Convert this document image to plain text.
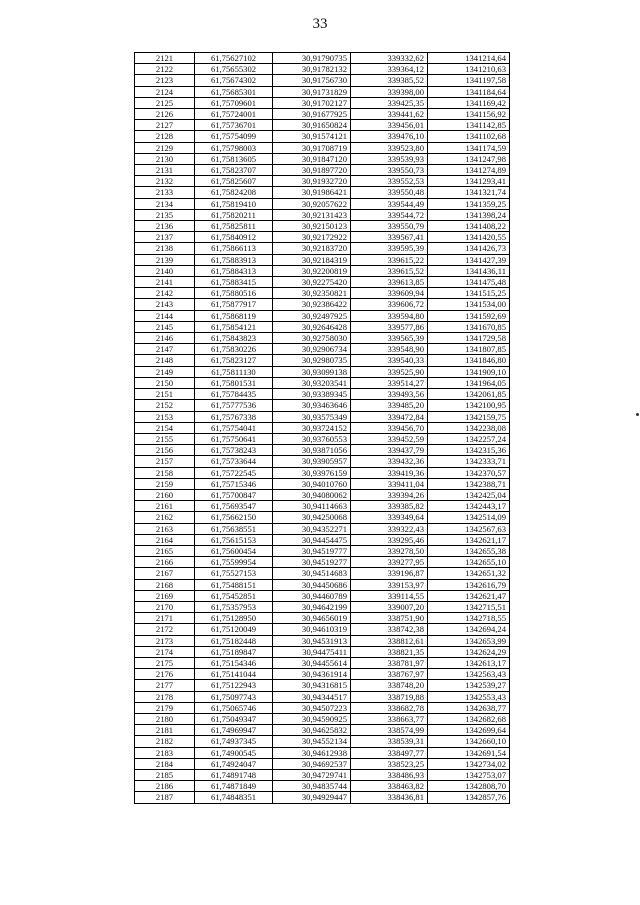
33
2121	61,75627102	30,91790735	339332,62	1341214,64
2122	61,75655302	30,91782132	339364,12	1341210,63
2123	61,75674302	30,91756730	339385,52	1341197,58
2124	61,75685301	30,91731829	339398,00	1341184,64
2125	61,75709601	30,91702127	339425,35	1341169,42
2126	61,75724001	30,91677925	339441,62	1341156,92
2127	61,75736701	30,91650824	339456,01	1341142,85
2128	61,75754099	30,91574121	339476,10	1341102,68
2129	61,75798003	30,91708719	339523,80	1341174,59
2130	61,75813605	30,91847120	339539,93	1341247,98
2131	61,75823707	30,91897720	339550,73	1341274,89
2132	61,75825607	30,91932720	339552,53	1341293,41
2133	61,75824208	30,91986421	339550,48	1341321,74
2134	61,75819410	30,92057622	339544,49	1341359,25
2135	61,75820211	30,92131423	339544,72	1341398,24
2136	61,75825811	30,92150123	339550,79	1341408,22
2137	61,75840912	30,92172922	339567,41	1341420,55
2138	61,75866113	30,92183720	339595,39	1341426,73
2139	61,75883913	30,92184319	339615,22	1341427,39
2140	61,75884313	30,92200819	339615,52	1341436,11
2141	61,75883415	30,92275420	339613,85	1341475,48
2142	61,75880516	30,92350821	339609,94	1341515,25
2143	61,75877917	30,92386422	339606,72	1341534,00
2144	61,75868119	30,92497925	339594,80	1341592,69
2145	61,75854121	30,92646428	339577,86	1341670,85
2146	61,75843823	30,92758030	339565,39	1341729,58
2147	61,75830226	30,92906734	339548,90	1341807,85
2148	61,75823127	30,92980735	339540,33	1341846,80
2149	61,75811130	30,93099138	339525,90	1341909,10
2150	61,75801531	30,93203541	339514,27	1341964,05
2151	61,75784435	30,93389345	339493,56	1342061,85
2152	61,75777536	30,93463646	339485,20	1342100,95
2153	61,75767338	30,93575349	339472,84	1342159,75
2154	61,75754041	30,93724152	339456,70	1342238,08
2155	61,75750641	30,93760553	339452,59	1342257,24
2156	61,75738243	30,93871056	339437,79	1342315,36
2157	61,75733644	30,93905957	339432,36	1342333,71
2158	61,75722545	30,93976159	339419,36	1342370,57
2159	61,75715346	30,94010760	339411,04	1342388,71
2160	61,75700847	30,94080062	339394,26	1342425,04
2161	61,75693547	30,94114663	339385,82	1342443,17
2162	61,75662150	30,94250068	339349,64	1342514,09
2163	61,75638551	30,94352271	339322,43	1342567,63
2164	61,75615153	30,94454475	339295,46	1342621,17
2165	61,75600454	30,94519777	339278,50	1342655,38
2166	61,75599954	30,94519277	339277,95	1342655,10
2167	61,75527153	30,94514683	339196,87	1342651,32
2168	61,75488151	30,94450686	339153,97	1342616,79
2169	61,75452851	30,94460789	339114,55	1342621,47
2170	61,75357953	30,94642199	339007,20	1342715,51
2171	61,75128950	30,94656019	338751,90	1342718,55
2172	61,75120049	30,94610319	338742,38	1342694,24
2173	61,75182448	30,94531913	338812,61	1342653,99
2174	61,75189847	30,94475411	338821,35	1342624,29
2175	61,75154346	30,94455614	338781,97	1342613,17
2176	61,75141044	30,94361914	338767,97	1342563,43
2177	61,75122943	30,94316815	338748,20	1342539,27
2178	61,75097743	30,94344517	338719,88	1342553,43
2179	61,75065746	30,94507223	338682,78	1342638,77
2180	61,75049347	30,94590925	338663,77	1342682,68
2181	61,74969947	30,94625832	338574,99	1342699,64
2182	61,74937345	30,94552134	338539,31	1342660,10
2183	61,74900545	30,94612938	338497,77	1342691,54
2184	61,74924047	30,94692537	338523,25	1342734,02
2185	61,74891748	30,94729741	338486,93	1342753,07
2186	61,74871849	30,94835744	338463,82	1342808,70
2187	61,74848351	30,94929447	338436,81	1342857,76
